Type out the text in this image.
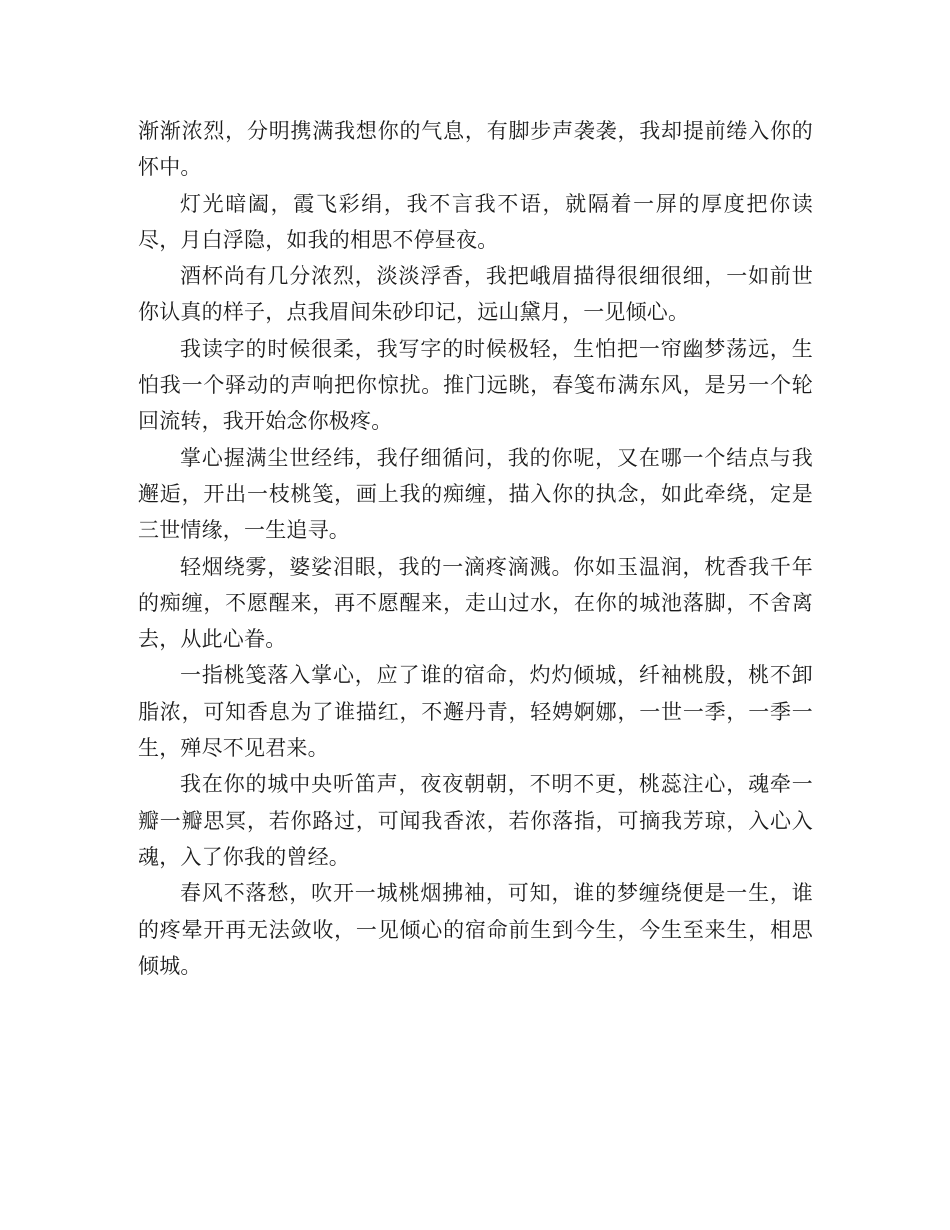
渐渐浓烈，分明携满我想你的气息，有脚步声袭袭，我却提前绻入你的怀中。

灯光暗阖，霞飞彩绢，我不言我不语，就隔着一屏的厚度把你读尽，月白浮隐，如我的相思不停昼夜。

酒杯尚有几分浓烈，淡淡浮香，我把峨眉描得很细很细，一如前世你认真的样子，点我眉间朱砂印记，远山黛月，一见倾心。

我读字的时候很柔，我写字的时候极轻，生怕把一帘幽梦荡远，生怕我一个驿动的声响把你惊扰。推门远眺，春笺布满东风，是另一个轮回流转，我开始念你极疼。

掌心握满尘世经纬，我仔细循问，我的你呢，又在哪一个结点与我邂逅，开出一枝桃笺，画上我的痴缠，描入你的执念，如此牵绕，定是三世情缘，一生追寻。

轻烟绕雾，婆娑泪眼，我的一滴疼滴溅。你如玉温润，枕香我千年的痴缠，不愿醒来，再不愿醒来，走山过水，在你的城池落脚，不舍离去，从此心眷。

一指桃笺落入掌心，应了谁的宿命，灼灼倾城，纤袖桃殷，桃不卸脂浓，可知香息为了谁描红，不邂丹青，轻娉婀娜，一世一季，一季一生，殚尽不见君来。

我在你的城中央听笛声，夜夜朝朝，不明不更，桃蕊注心，魂牵一瓣一瓣思冥，若你路过，可闻我香浓，若你落指，可摘我芳琼，入心入魂，入了你我的曾经。

春风不落愁，吹开一城桃烟拂袖，可知，谁的梦缠绕便是一生，谁的疼晕开再无法敛收，一见倾心的宿命前生到今生，今生至来生，相思倾城。
